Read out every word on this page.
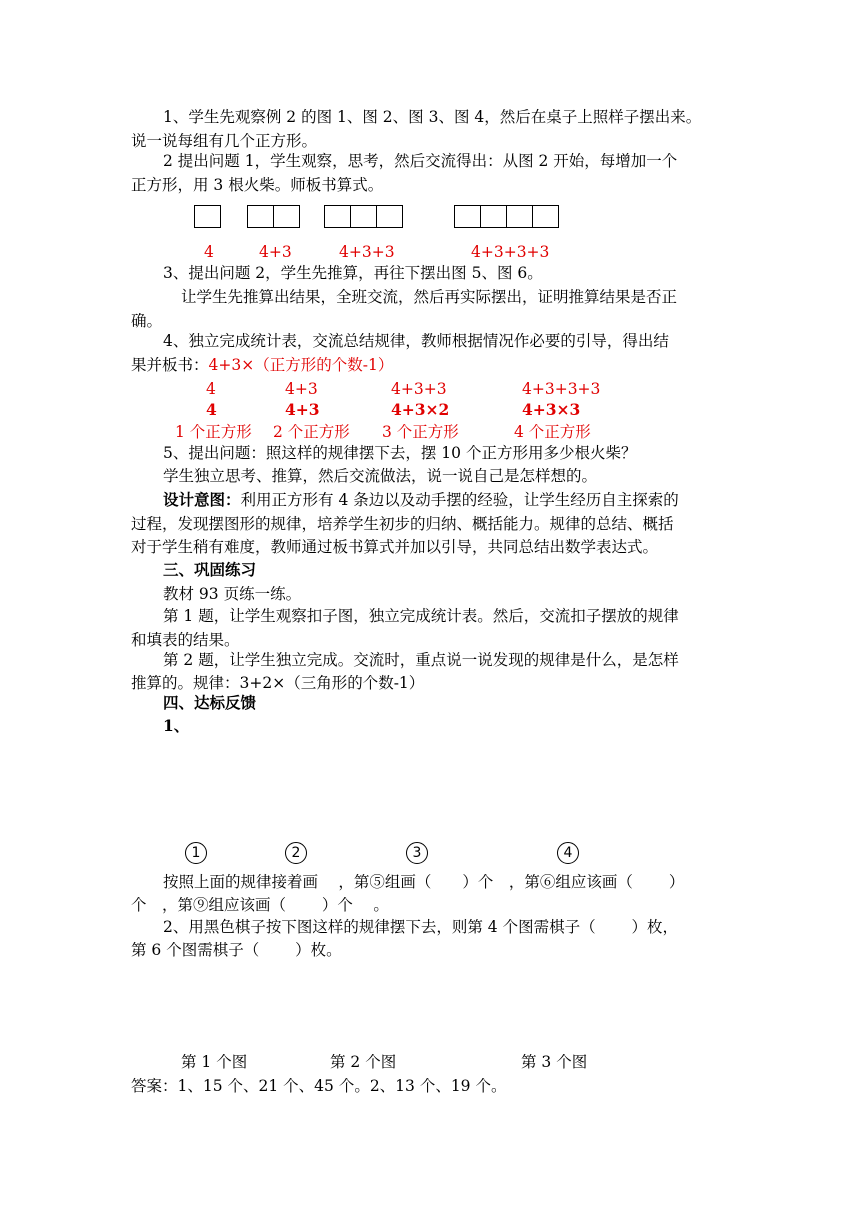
1、学生先观察例 2 的图 1、图 2、图 3、图 4，然后在桌子上照样子摆出来。
说一说每组有几个正方形。
2 提出问题 1，学生观察，思考，然后交流得出：从图 2 开始，每增加一个
正方形，用 3 根火柴。师板书算式。
4	4+3	4+3+3	4+3+3+3
3、提出问题 2，学生先推算，再往下摆出图 5、图 6。
让学生先推算出结果，全班交流，然后再实际摆出，证明推算结果是否正
确。
4、独立完成统计表，交流总结规律，教师根据情况作必要的引导，得出结
果并板书：4+3×（正方形的个数-1）
4	4+3	4+3+3	4+3+3+3
4	4+3	4+3×2	4+3×3
1 个正方形 2 个正方形 3 个正方形	4 个正方形
5、提出问题：照这样的规律摆下去，摆 10 个正方形用多少根火柴？
学生独立思考、推算，然后交流做法，说一说自己是怎样想的。
设计意图：利用正方形有 4 条边以及动手摆的经验，让学生经历自主探索的
过程，发现摆图形的规律，培养学生初步的归纳、概括能力。规律的总结、概括
对于学生稍有难度，教师通过板书算式并加以引导，共同总结出数学表达式。
三、巩固练习
教材 93 页练一练。
第 1 题，让学生观察扣子图，独立完成统计表。然后，交流扣子摆放的规律
和填表的结果。
第 2 题，让学生独立完成。交流时，重点说一说发现的规律是什么，是怎样
推算的。规律：3+2×（三角形的个数-1）
四、达标反馈
1、
1	2	3	4
按照上面的规律接着画　 ，第⑤组画（　　）个　，第⑥组应该画（　　 ）
个　，第⑨组应该画（　　 ）个　 。
2、用黑色棋子按下图这样的规律摆下去，则第 4 个图需棋子（　　 ）枚，
第 6 个图需棋子（　　 ）枚。
第 1 个图	第 2 个图	第 3 个图
答案：1、15 个、21 个、45 个。2、13 个、19 个。
